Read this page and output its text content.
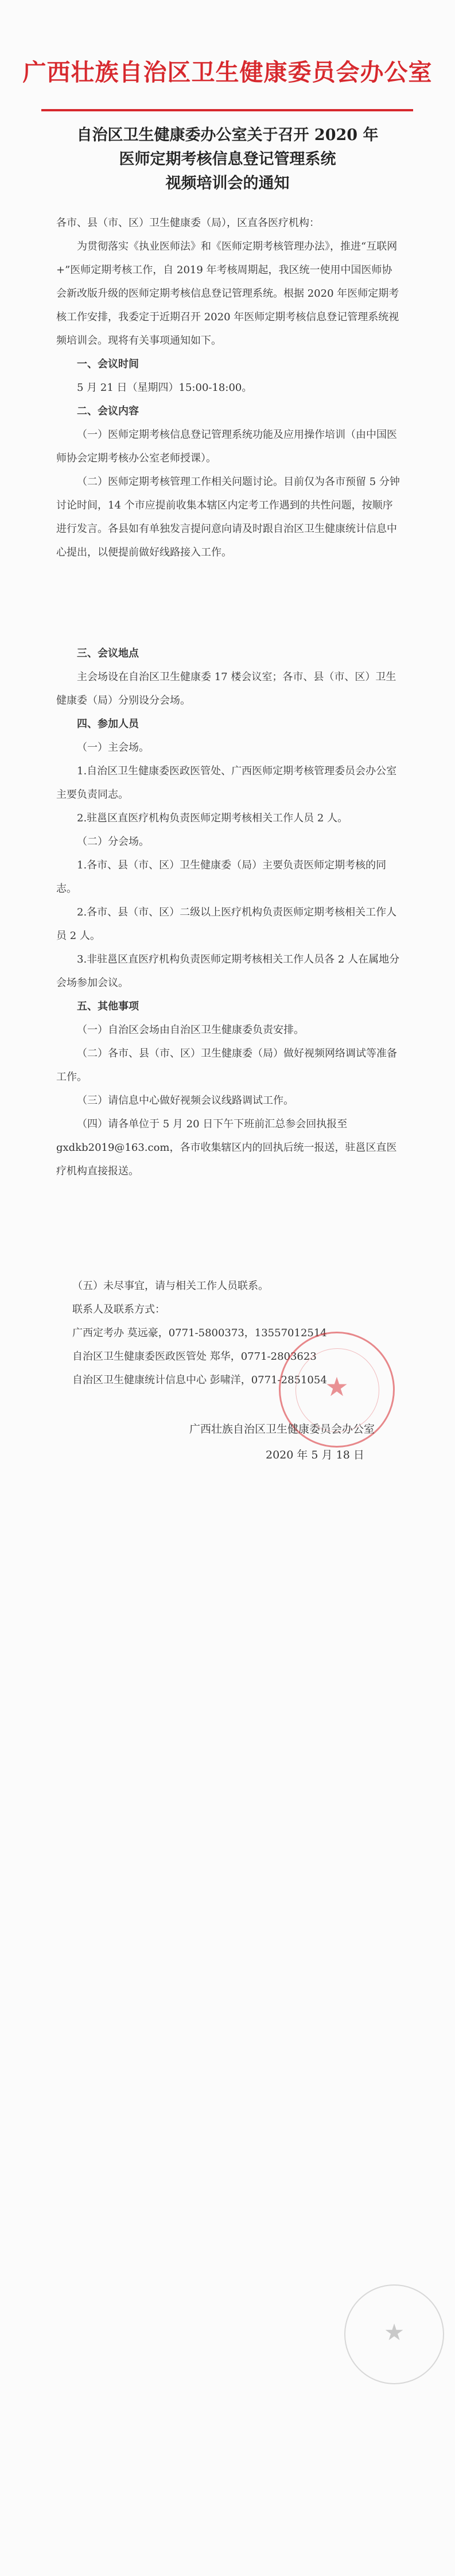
广西壮族自治区卫生健康委员会办公室
自治区卫生健康委办公室关于召开 2020 年
医师定期考核信息登记管理系统
视频培训会的通知

各市、县（市、区）卫生健康委（局），区直各医疗机构：

为贯彻落实《执业医师法》和《医师定期考核管理办法》，推进“互联网+”医师定期考核工作，自 2019 年考核周期起，我区统一使用中国医师协会新改版升级的医师定期考核信息登记管理系统。根据 2020 年医师定期考核工作安排，我委定于近期召开 2020 年医师定期考核信息登记管理系统视频培训会。现将有关事项通知如下。

一、会议时间

5 月 21 日（星期四）15:00-18:00。

二、会议内容

（一）医师定期考核信息登记管理系统功能及应用操作培训（由中国医师协会定期考核办公室老师授课）。

（二）医师定期考核管理工作相关问题讨论。目前仅为各市预留 5 分钟讨论时间，14 个市应提前收集本辖区内定考工作遇到的共性问题，按顺序进行发言。各县如有单独发言提问意向请及时跟自治区卫生健康统计信息中心提出，以便提前做好线路接入工作。

三、会议地点

主会场设在自治区卫生健康委 17 楼会议室；各市、县（市、区）卫生健康委（局）分别设分会场。

四、参加人员

（一）主会场。

1.自治区卫生健康委医政医管处、广西医师定期考核管理委员会办公室主要负责同志。

2.驻邕区直医疗机构负责医师定期考核相关工作人员 2 人。

（二）分会场。

1.各市、县（市、区）卫生健康委（局）主要负责医师定期考核的同志。

2.各市、县（市、区）二级以上医疗机构负责医师定期考核相关工作人员 2 人。

3.非驻邕区直医疗机构负责医师定期考核相关工作人员各 2 人在属地分会场参加会议。

五、其他事项

（一）自治区会场由自治区卫生健康委负责安排。

（二）各市、县（市、区）卫生健康委（局）做好视频网络调试等准备工作。

（三）请信息中心做好视频会议线路调试工作。

（四）请各单位于 5 月 20 日下午下班前汇总参会回执报至 gxdkb2019@163.com，各市收集辖区内的回执后统一报送，驻邕区直医疗机构直接报送。

（五）未尽事宜，请与相关工作人员联系。

联系人及联系方式：

广西定考办 莫远豪，0771-5800373，13557012514

自治区卫生健康委医政医管处 郑华，0771-2803623

自治区卫生健康统计信息中心 彭啸洋，0771-2851054

★
广西壮族自治区卫生健康委员会办公室
2020 年 5 月 18 日
★
